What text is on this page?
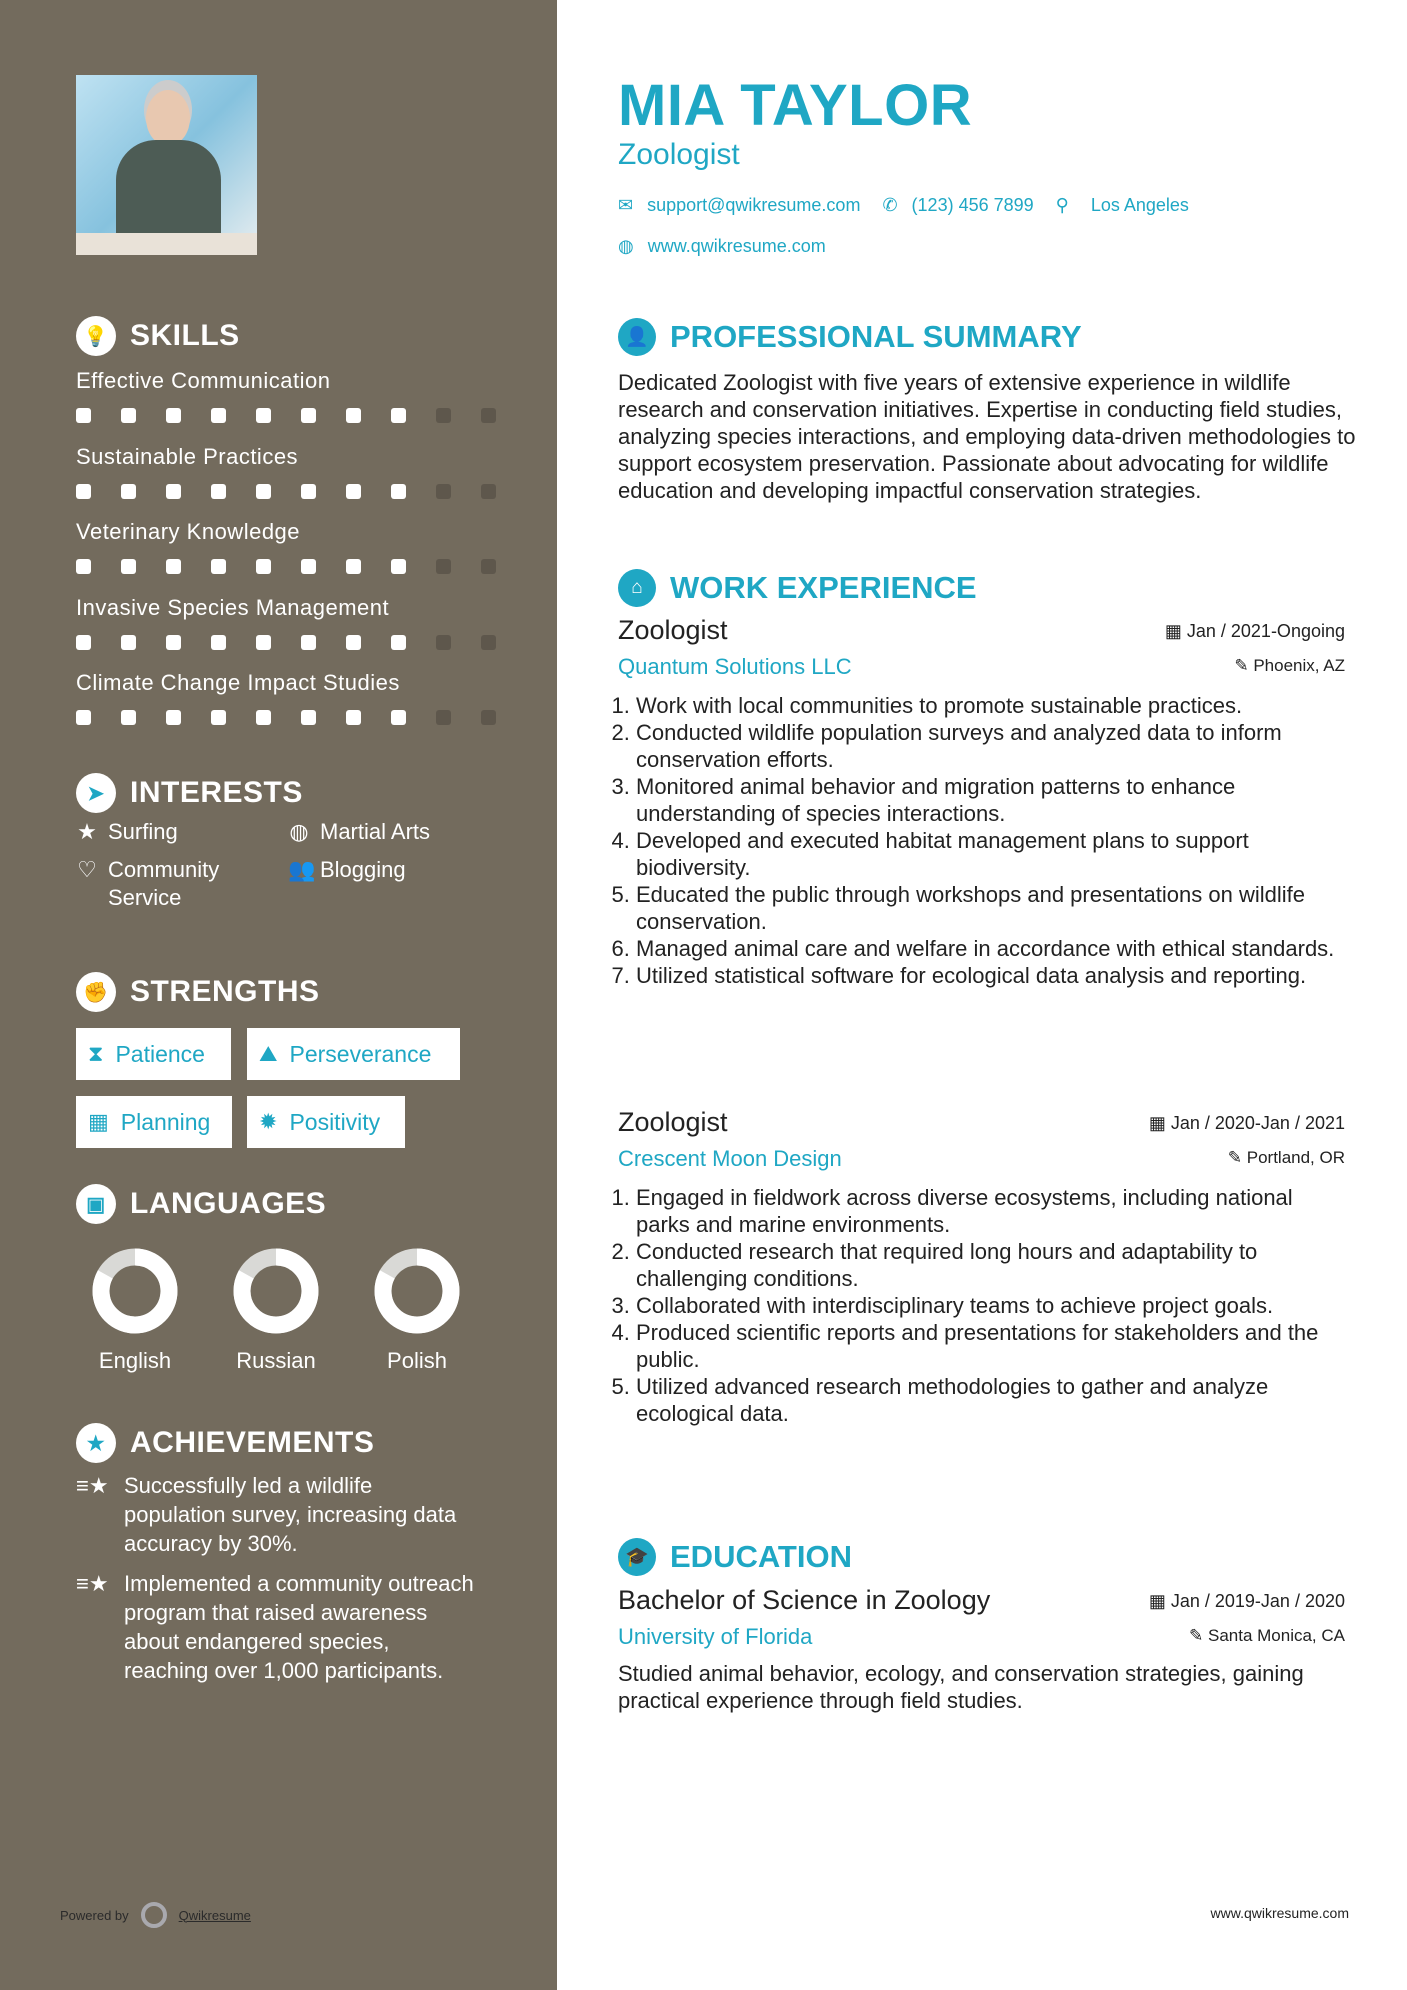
💡 SKILLS
Effective Communication
Sustainable Practices
Veterinary Knowledge
Invasive Species Management
Climate Change Impact Studies
➤ INTERESTS
★ Surfing	◍ Martial Arts
♡ Community Service
👥 Blogging
✊ STRENGTHS
⧗ Patience ⛰ Perseverance
▦ Planning ✹ Positivity
▣ LANGUAGES
English	Russian	Polish
★ ACHIEVEMENTS
≡★ Successfully led a wildlife population survey, increasing data accuracy by 30%.
≡★ Implemented a community outreach program that raised awareness about endangered species, reaching over 1,000 participants.
Powered by	Qwikresume
MIA TAYLOR
Zoologist
✉ support@qwikresume.com ✆ (123) 456 7899 ⚲ Los Angeles
◍ www.qwikresume.com
👤 PROFESSIONAL SUMMARY
Dedicated Zoologist with five years of extensive experience in wildlife research and conservation initiatives. Expertise in conducting field studies, analyzing species interactions, and employing data-driven methodologies to support ecosystem preservation. Passionate about advocating for wildlife education and developing impactful conservation strategies.
⌂ WORK EXPERIENCE
Zoologist
Quantum Solutions LLC
▦ Jan / 2021-Ongoing
✎ Phoenix, AZ
1. Work with local communities to promote sustainable practices.
2. Conducted wildlife population surveys and analyzed data to inform conservation efforts.
3. Monitored animal behavior and migration patterns to enhance understanding of species interactions.
4. Developed and executed habitat management plans to support biodiversity.
5. Educated the public through workshops and presentations on wildlife conservation.
6. Managed animal care and welfare in accordance with ethical standards.
7. Utilized statistical software for ecological data analysis and reporting.
Zoologist
Crescent Moon Design
▦ Jan / 2020-Jan / 2021
✎ Portland, OR
1. Engaged in fieldwork across diverse ecosystems, including national parks and marine environments.
2. Conducted research that required long hours and adaptability to challenging conditions.
3. Collaborated with interdisciplinary teams to achieve project goals.
4. Produced scientific reports and presentations for stakeholders and the public.
5. Utilized advanced research methodologies to gather and analyze ecological data.
🎓 EDUCATION
Bachelor of Science in Zoology
University of Florida
▦ Jan / 2019-Jan / 2020
✎ Santa Monica, CA
Studied animal behavior, ecology, and conservation strategies, gaining practical experience through field studies.
www.qwikresume.com
